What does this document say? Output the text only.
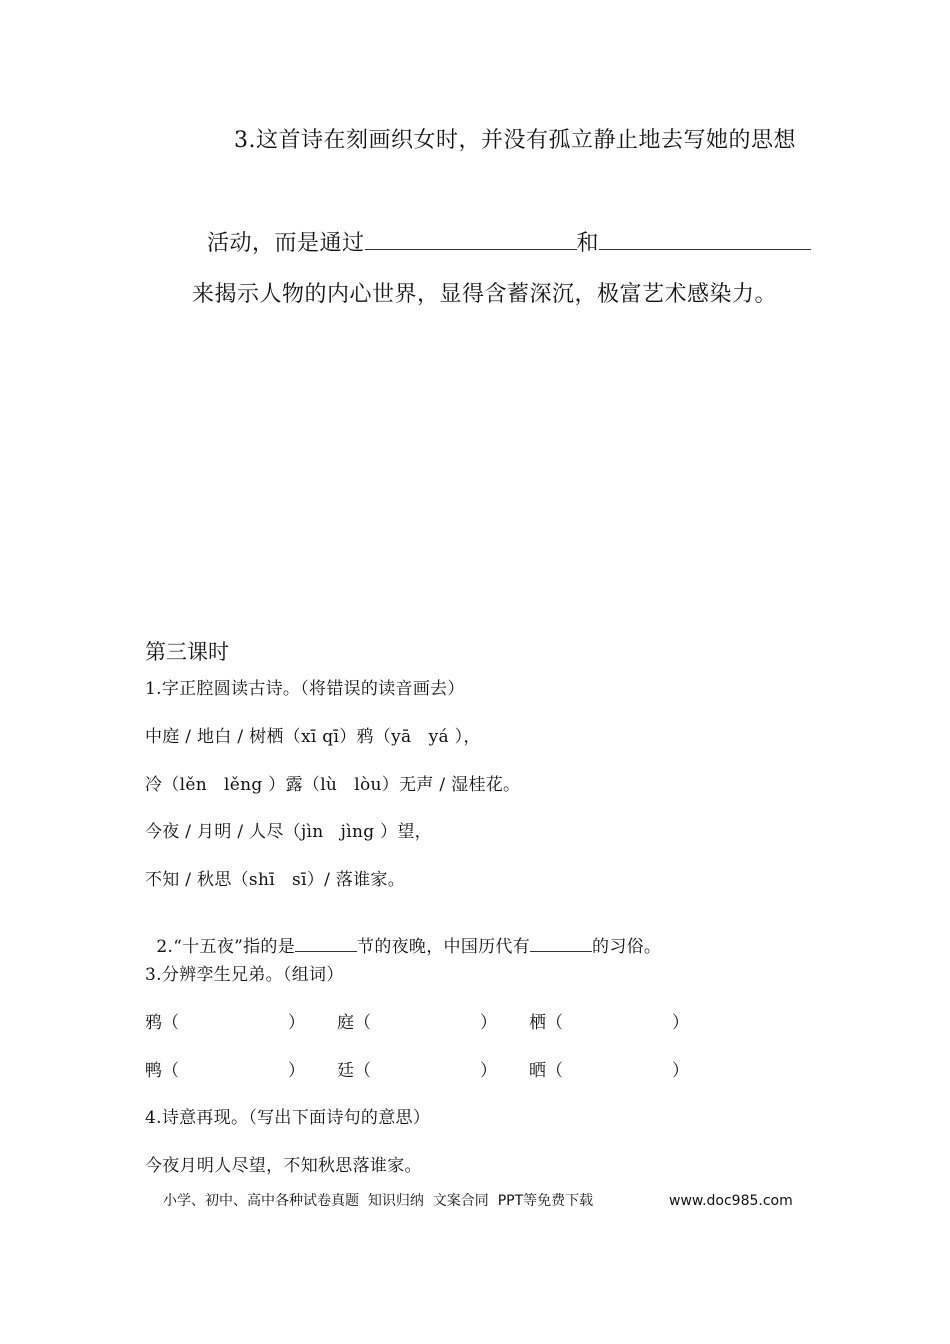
3.这首诗在刻画织女时，并没有孤立静止地去写她的思想

活动，而是通过	和

来揭示人物的内心世界，显得含蓄深沉，极富艺术感染力。
第三课时
1.字正腔圆读古诗。（将错误的读音画去）
中庭 / 地白 / 树栖（xī qī）鸦（yā   yá ），
冷（lěn   lěng ）露（lù   lòu）无声 / 湿桂花。
今夜 / 月明 / 人尽（jìn   jìng ）望，
不知 / 秋思（shī   sī）/ 落谁家。

2.“十五夜”指的是	节的夜晚，中国历代有	的习俗。

3.分辨孪生兄弟。（组词）
鸦（	） 庭（	） 栖（	）
鸭（	） 廷（	） 晒（	）
4.诗意再现。（写出下面诗句的意思）
今夜月明人尽望，不知秋思落谁家。
小学、初中、高中各种试卷真题  知识归纳  文案合同  PPT等免费下载	www.doc985.com
